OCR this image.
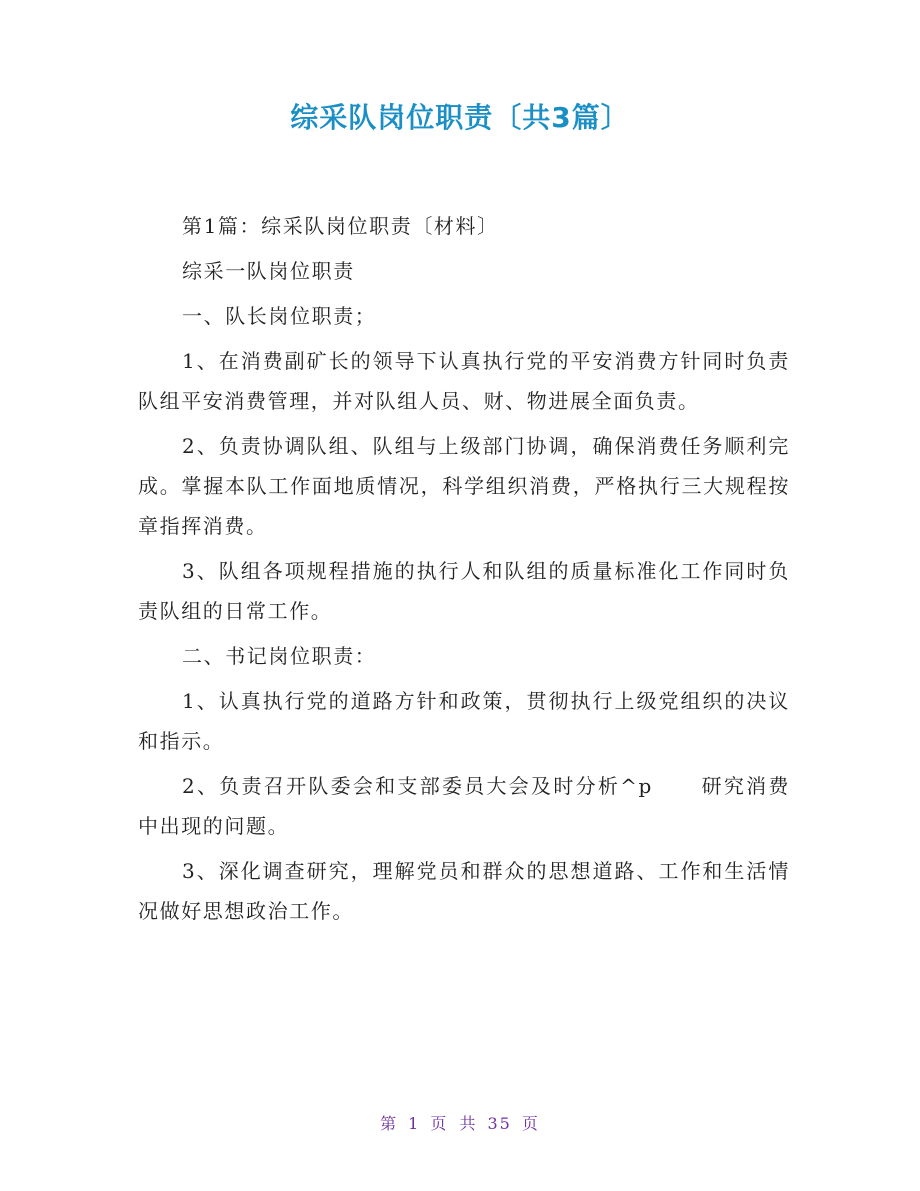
综采队岗位职责〔共3篇〕

第1篇：综采队岗位职责〔材料〕

综采一队岗位职责

一、队长岗位职责；

1、在消费副矿长的领导下认真执行党的平安消费方针同时负责队组平安消费管理，并对队组人员、财、物进展全面负责。

2、负责协调队组、队组与上级部门协调，确保消费任务顺利完成。掌握本队工作面地质情况，科学组织消费，严格执行三大规程按章指挥消费。

3、队组各项规程措施的执行人和队组的质量标准化工作同时负责队组的日常工作。

二、书记岗位职责：

1、认真执行党的道路方针和政策，贯彻执行上级党组织的决议和指示。

2、负责召开队委会和支部委员大会及时分析^p 研究消费中出现的问题。

3、深化调查研究，理解党员和群众的思想道路、工作和生活情况做好思想政治工作。

第 1 页 共 35 页
